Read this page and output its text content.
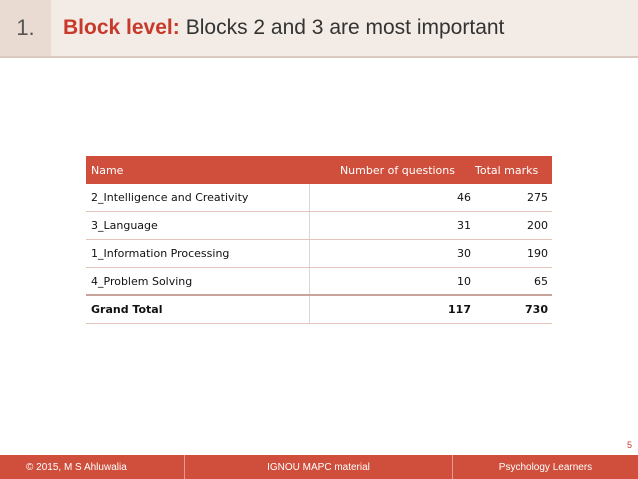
1.	Block level: Blocks 2 and 3 are most important
Name	Number of questions	Total marks
2_Intelligence and Creativity	46	275
3_Language	31	200
1_Information Processing	30	190
4_Problem Solving	10	65
Grand Total	117	730
5
© 2015, M S Ahluwalia	IGNOU MAPC material	Psychology Learners
